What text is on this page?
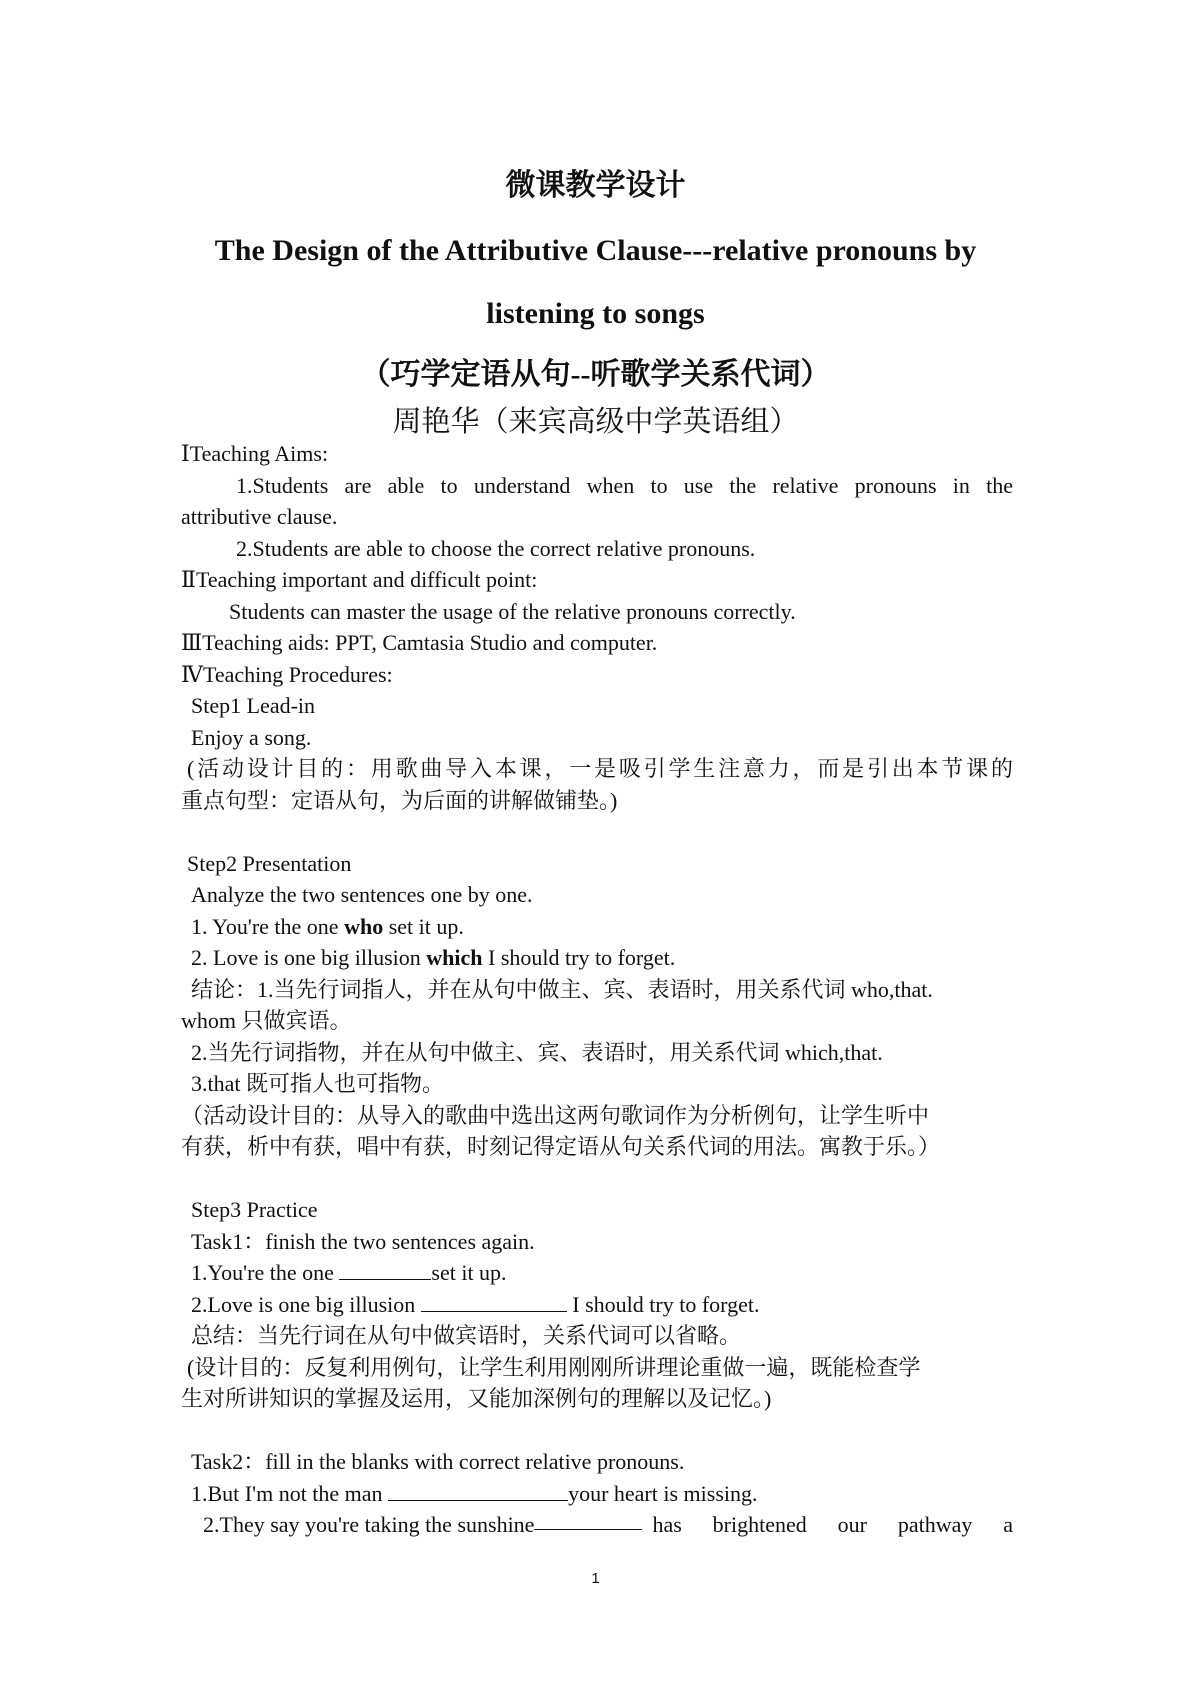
微课教学设计
The Design of the Attributive Clause---relative pronouns by
listening to songs
（巧学定语从句--听歌学关系代词）
周艳华（来宾高级中学英语组）
ⅠTeaching Aims:
1.Students are able to understand when to use the relative pronouns in the
attributive clause.
2.Students are able to choose the correct relative pronouns.
ⅡTeaching important and difficult point:
Students can master the usage of the relative pronouns correctly.
ⅢTeaching aids: PPT, Camtasia Studio and computer.
ⅣTeaching Procedures:
Step1 Lead-in
Enjoy a song.
(活动设计目的：用歌曲导入本课，一是吸引学生注意力，而是引出本节课的
重点句型：定语从句，为后面的讲解做铺垫。)
Step2 Presentation
Analyze the two sentences one by one.
1. You're the one who set it up.
2. Love is one big illusion which I should try to forget.
结论：1.当先行词指人，并在从句中做主、宾、表语时，用关系代词 who,that.
whom 只做宾语。
2.当先行词指物，并在从句中做主、宾、表语时，用关系代词 which,that.
3.that 既可指人也可指物。
（活动设计目的：从导入的歌曲中选出这两句歌词作为分析例句，让学生听中
有获，析中有获，唱中有获，时刻记得定语从句关系代词的用法。寓教于乐。）
Step3 Practice
Task1：finish the two sentences again.
1.You're the one	set it up.
2.Love is one big illusion	I should try to forget.
总结：当先行词在从句中做宾语时，关系代词可以省略。
(设计目的：反复利用例句，让学生利用刚刚所讲理论重做一遍，既能检查学
生对所讲知识的掌握及运用，又能加深例句的理解以及记忆。)
Task2：fill in the blanks with correct relative pronouns.
1.But I'm not the man	your heart is missing.
2.They say you're taking the sunshine	has brightened our pathway a
1
